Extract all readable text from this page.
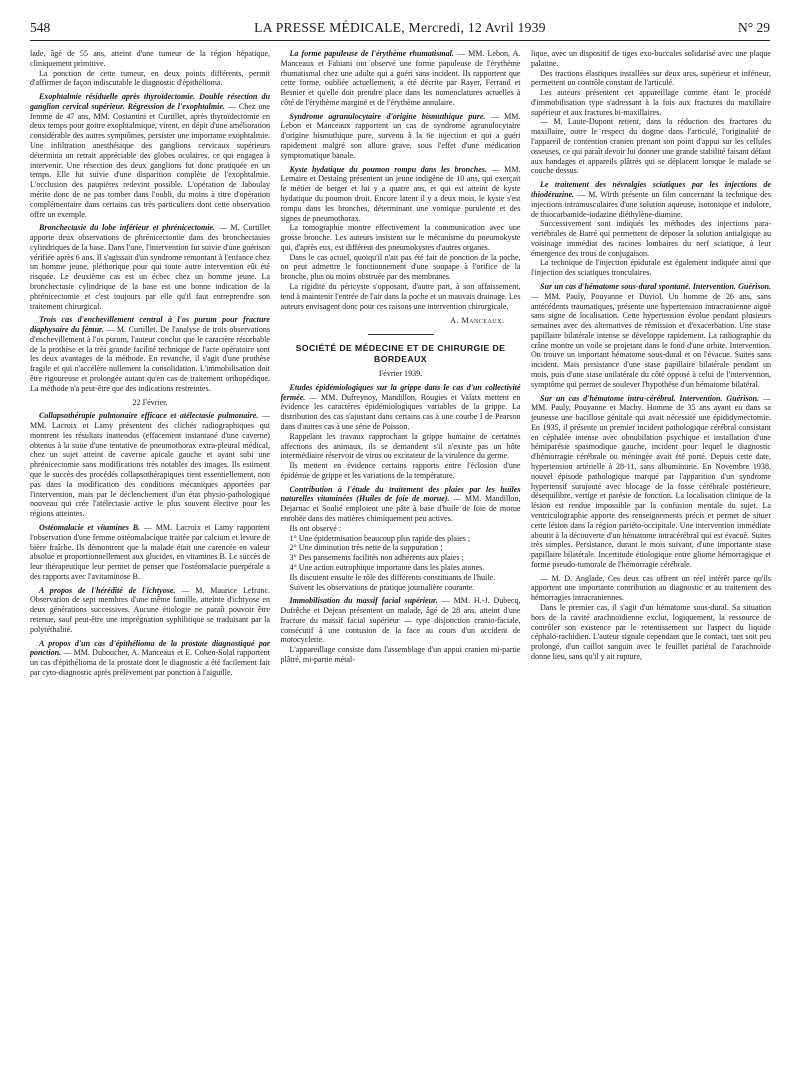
548	LA PRESSE MÉDICALE, Mercredi, 12 Avril 1939	N° 29

lade, âgé de 55 ans, atteint d'une tumeur de la région hépatique, cliniquement primitive.

La ponction de cette tumeur, en deux points différents, permit d'affirmer de façon indiscutable le diagnostic d'épithélioma.

Exophtalmie résiduelle après thyroïdectomie. Double résection du ganglion cervical supérieur. Régression de l'exophtalmie. — Chez une femme de 47 ans, MM. Costantini et Curtillet, après thyroïdectomie en deux temps pour goitre exophtalmique, virent, en dépit d'une amélioration considérable des autres symptômes, persister une importante exophtalmie. Une infiltration anesthésique des ganglions cervicaux supérieurs détermina un retrait appréciable des globes oculaires, ce qui engagea à intervenir. Une résection des deux ganglions fut donc pratiquée en un temps. Elle fut suivie d'une disparition complète de l'exophtalmie. L'occlusion des paupières redevint possible. L'opération de Jaboulay mérite donc de ne pas tomber dans l'oubli, du moins à titre d'opération complémentaire dans certains cas très particuliers dont cette observation offre un exemple.

Bronchectasie du lobe inférieur et phrénicectomie. — M. Curtillet apporte deux observations de phrénicectomie dans des bronchectasies cylindriques de la base. Dans l'une, l'intervention fut suivie d'une guérison vérifiée après 6 ans. Il s'agissait d'un syndrome remontant à l'enfance chez un homme jeune, pléthorique pour qui toute autre intervention eût été risquée. Le deuxième cas est un échec chez un homme jeune. La bronchectasie cylindrique de la base est une bonne indication de la phrénicectomie et c'est toujours par elle qu'il faut entreprendre son traitement chirurgical.

Trois cas d'enchevillement central à l'os purum pour fracture diaphysaire du fémur. — M. Curtillet. De l'analyse de trois observations d'enchevillement à l'os purum, l'auteur conclut que le caractère résorbable de la prothèse et la très grande facilité technique de l'acte opératoire sont les deux avantages de la méthode. En revanche, il s'agit d'une prothèse fragile et qui n'accélère nullement la consolidation. L'immobilisation doit être rigoureuse et prolongée autant qu'en cas de traitement orthopédique. La méthode n'a peut-être que des indications restreintes.

22 Février.

Collapsothérapie pulmonaire efficace et atélectasie pulmonaire. — MM. Lacroix et Lamy présentent des clichés radiographiques qui montrent les résultats inattendus (effacement instantané d'une caverne) obtenus à la suite d'une tentative de pneumothorax extra-pleural médical, chez un sujet atteint de caverne apicale gauche et ayant subi une phrénicectomie sans modifications très notables des images. Ils estiment que le succès des procédés collapsothérapiques tient essentiellement, non pas dans la modification des conditions mécaniques apportées par l'intervention, mais par le déclenchement d'un état physio-pathologique nouveau qui crée l'atélectasie active le plus souvent élective pour les régions atteintes.

Ostéomalacie et vitamines B. — MM. Lacroix et Lamy rapportent l'observation d'une femme ostéomalacique traitée par calcium et levure de bière fraîche. Ils démontrent que la malade était une carencée en valeur absolue et proportionnellement aux glucides, en vitamines B. Le succès de leur thérapeutique leur permet de penser que l'ostéomalacie puerpérale a des rapports avec l'avitaminose B.

A propos de l'hérédité de l'ichtyose. — M. Maurice Lefranc. Observation de sept membres d'une même famille, atteinte d'ichtyose en deux générations successives. Aucune étiologie ne paraît pouvoir être retenue, sauf peut-être une imprégnation syphilitique se traduisant par la polytéthalité.

A propos d'un cas d'épithélioma de la prostate diagnostiqué par ponction. — MM. Duboucher, A. Manceaux et E. Cohen-Solal rapportent un cas d'épithélioma de la prostate dont le diagnostic a été facilement fait par cyto-diagnostic après prélèvement par ponction à l'aiguille.

La forme papuleuse de l'érythème rhumatismal. — MM. Lebon, A. Manceaux et Fabiani ont observé une forme papuleuse de l'érythème rhumatismal chez une adulte qui a guéri sans incident. Ils rapportent que cette forme, oubliée actuellement, a été décrite par Rayer, Ferrand et Besnier et qu'elle doit prendre place dans les nomenclatures actuelles à côté de l'érythème marginé et de l'érythème annulaire.

Syndrome agranulocytaire d'origine bismuthique pure. — MM. Lebon et Manceaux rapportent un cas de syndrome agranulocytaire d'origine bismuthique pure, survenu à la 6e injection et qui a guéri rapidement malgré son allure grave, sous l'effet d'une médication symptomatique banale.

Kyste hydatique du poumon rompu dans les bronches. — MM. Lemaire et Destaing présentent un jeune indigène de 10 ans, qui exerçait le métier de berger et lui y a quatre ans, et qui est atteint de kyste hydatique du poumon droit. Encore latent il y a deux mois, le kyste s'est rompu dans les bronches, déterminant une vomique purulente et des signes de pneumothorax.

La tomographie montre effectivement la communication avec une grosse bronche. Les auteurs insistent sur le mécanisme du pneumokyste qui, d'après eux, est différent des pneumokystes d'autres organes.

Dans le cas actuel, quoiqu'il n'ait pas été fait de ponction de la poche, on peut admettre le fonctionnement d'une soupape à l'orifice de la bronche, plus ou moins obstruée par des membranes.

La rigidité du péricyste s'opposant, d'autre part, à son affaissement, tend à maintenir l'entrée de l'air dans la poche et un mauvais drainage. Les auteurs envisagent donc pour ces raisons une intervention chirurgicale.

A. Manceaux.

SOCIÉTÉ DE MÉDECINE ET DE CHIRURGIE DE BORDEAUX

Février 1939.

Etudes épidémiologiques sur la grippe dans le cas d'un collectivité fermée. — MM. Dufreynoy, Mandillon, Rougies et Valatx mettent en évidence les caractères épidémiologiques variables de la grippe. La distribution des cas s'ajustant dans certains cas à une courbe I de Pearson dans d'autres cas à une série de Poisson.

Rappelant les travaux rapprochant la grippe humaine de certaines affections des animaux, ils se demandent s'il n'existe pas un hôte intermédiaire réservoir de virus ou excitateur de la virulence du germe.

Ils mettent en évidence certains rapports entre l'éclosion d'une épidémie de grippe et les variations de la température.

Contribution à l'étude du traitement des plaies par les huiles naturelles vitaminées (Huiles de foie de morue). — MM. Mandillon, Dejarnac et Soulié emploient une pâte à base d'huile de foie de morue enrobée dans des matières chimiquement peu actives.

Ils ont observé :

1° Une épidermisation beaucoup plus rapide des plaies ;
2° Une diminution très nette de la suppuration ;
3° Des pansements facilités non adhérents aux plaies ;
4° Une action eutrophique importante dans les plaies atones.

Ils discutent ensuite le rôle des différents constituants de l'huile.

Suivent les observations de pratique journalière courante.

Immobilisation du massif facial supérieur. — MM. H.-J. Dubecq, Dufrêche et Dejean présentent un malade, âgé de 28 ans, atteint d'une fracture du massif facial supérieur — type disjonction cranio-faciale, consécutif à une contusion de la face au cours d'un accident de motocyclette.

L'appareillage consiste dans l'assemblage d'un appui cranien mi-partie plâtré, mi-partie métal-

lique, avec un dispositif de tiges exo-buccales solidarisé avec une plaque palatine.

Des tractions élastiques installées sur deux arcs, supérieur et inférieur, permettent un contrôle constant de l'articulé.

Les auteurs présentent cet appareillage comme étant le procédé d'immobilisation type s'adressant à la fois aux fractures du maxillaire supérieur et aux fractures bi-maxillaires.

— M. Laute-Dupont retient, dans la réduction des fractures du maxillaire, outre le respect du dogme dans l'articulé, l'originalité de l'appareil de contention cranien prenant son point d'appui sur les cellules osseuses, ce qui paraît devoir lui donner une grande stabilité faisant défaut aux bandages et appareils plâtrés qui se déplacent lorsque le malade se couche dessus.

Le traitement des névralgies sciatiques par les injections de thiodérazine. — M. Wirth présente un film concernant la technique des injections intramusculaires d'une solution aqueuse, isotonique et indolore, de thiocarbamide-iodazine diéthylène-diamine.

Successivement sont indiqués les méthodes des injections para-vertébrales de Barré qui permettent de déposer la solution antialgique au voisinage immédiat des racines lombaires du nerf sciatique, à leur émergence des trous de conjugaison.

La technique de l'injection épidurale est également indiquée ainsi que l'injection des sciatiques tronculaires.

Sur un cas d'hématome sous-dural spontané. Intervention. Guérison. — MM. Pauly, Pouyanne et Duviol. Un homme de 26 ans, sans antécédents traumatiques, présente une hypertension intracranienne aiguë sans signe de localisation. Cette hypertension évolue pendant plusieurs semaines avec des alternatives de rémission et d'exacerbation. Une stase papillaire bilatérale intense se développe rapidement. La radiographie du crâne montre un voile se projetant dans le fond d'une orbite. Intervention. On trouve un important hématome sous-dural et on l'évacue. Suites sans incident. Mais persistance d'une stase papillaire bilatérale pendant un mois, puis d'une stase unilatérale du côté opposé à celui de l'intervention, symptôme qui permet de soulever l'hypothèse d'un hématome bilatéral.

Sur un cas d'hématome intra-cérébral. Intervention. Guérison. — MM. Pauly, Pouyanne et Machy. Homme de 35 ans ayant eu dans sa jeunesse une bacillose génitale qui avait nécessité une épididymectomie. En 1935, il présente un premier incident pathologique cérébral consistant en céphalée intense avec obnubilation psychique et installation d'une hémiparésie spasmodique gauche, incident pour lequel le diagnostic d'hémorragie cérébrale ou méningée avait été porté. Depuis cette date, hypertension artérielle à 28-11, sans albuminurie. En Novembre 1938, nouvel épisode pathologique marqué par l'apparition d'un syndrome hypertensif surajouté avec blocage de la fosse cérébrale postérieure, désequilibre, vertige et parésie de fonction. La localisation clinique de la lésion est rendue impossible par la confusion mentale du sujet. La ventriculographie apporte des renseignements précis et permet de situer cette lésion dans la région pariéto-occipitale. Une intervention immédiate aboutit à la découverte d'un hématome intracérébral qui est évacué. Suites très simples. Persistance, durant le mois suivant, d'une importante stase papillaire bilatérale. Incertitude étiologique entre gliome hémorragique et forme pseudo-tumorale de l'hémorragie cérébrale.

— M. D. Anglade. Ces deux cas offrent un réel intérêt parce qu'ils apportent une importante contribution au diagnostic et au traitement des hémorragies intracraniennes.

Dans le premier cas, il s'agit d'un hématome sous-dural. Sa situation hors de la cavité arachnoïdienne exclut, logiquement, la ressource de contrôler son existence par le retentissement sur l'aspect du liquide céphalo-rachidien. L'auteur signale cependant que le contact, tant soit peu prolongé, d'un caillot sanguin avec le feuillet pariétal de l'arachnoïde donne lieu, sans qu'il y ait rupture,
